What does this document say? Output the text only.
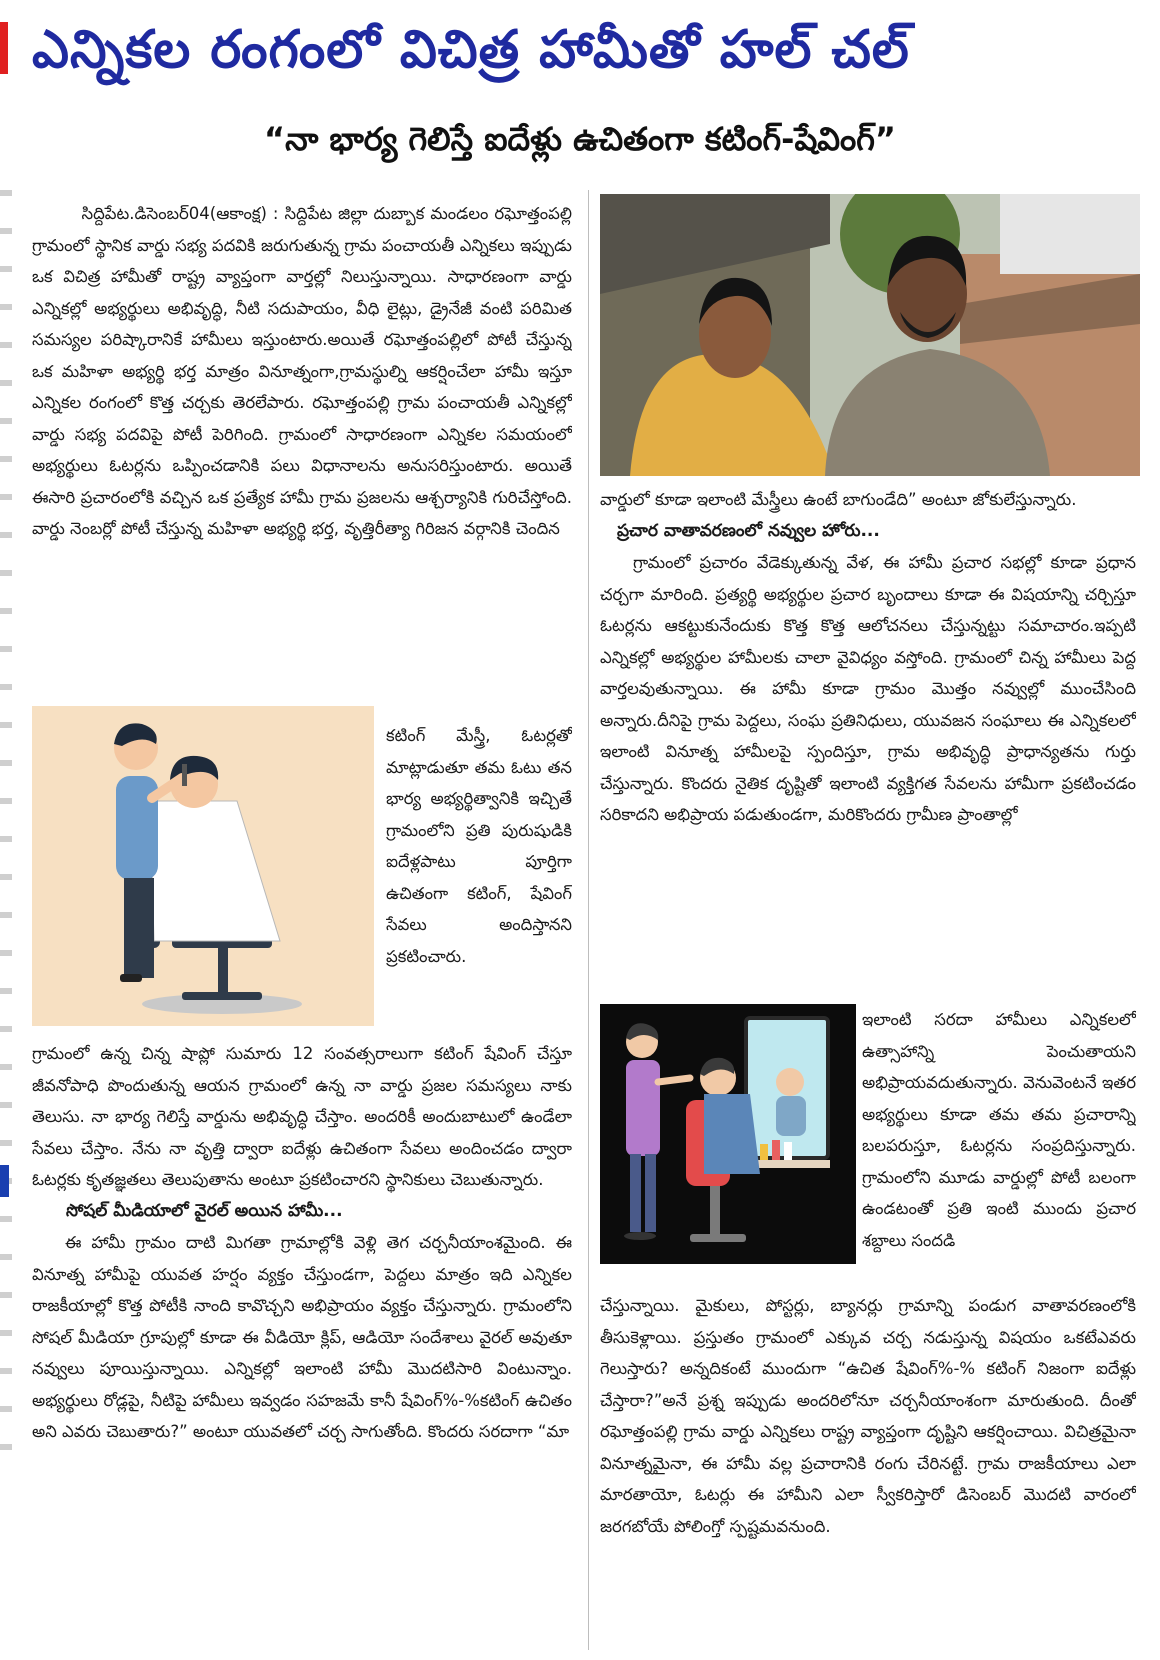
ఎన్నికల రంగంలో విచిత్ర హామీతో హల్ చల్
“నా భార్య గెలిస్తే ఐదేళ్లు ఉచితంగా కటింగ్-షేవింగ్”

సిద్దిపేట.డిసెంబర్04(ఆకాంక్ష) : సిద్దిపేట జిల్లా దుబ్బాక మండలం రఘోత్తంపల్లి గ్రామంలో స్థానిక వార్డు సభ్య పదవికి జరుగుతున్న గ్రామ పంచాయతీ ఎన్నికలు ఇప్పుడు ఒక విచిత్ర హామీతో రాష్ట్ర వ్యాప్తంగా వార్తల్లో నిలుస్తున్నాయి. సాధారణంగా వార్డు ఎన్నికల్లో అభ్యర్థులు అభివృద్ధి, నీటి సదుపాయం, వీధి లైట్లు, డ్రైనేజీ వంటి పరిమిత సమస్యల పరిష్కారానికే హామీలు ఇస్తుంటారు.అయితే రఘోత్తంపల్లిలో పోటీ చేస్తున్న ఒక మహిళా అభ్యర్థి భర్త మాత్రం వినూత్నంగా,గ్రామస్థుల్ని ఆకర్షించేలా హామీ ఇస్తూ ఎన్నికల రంగంలో కొత్త చర్చకు తెరలేపారు. రఘోత్తంపల్లి గ్రామ పంచాయతీ ఎన్నికల్లో వార్డు సభ్య పదవిపై పోటీ పెరిగింది. గ్రామంలో సాధారణంగా ఎన్నికల సమయంలో అభ్యర్థులు ఓటర్లను ఒప్పించడానికి పలు విధానాలను అనుసరిస్తుంటారు. అయితే ఈసారి ప్రచారంలోకి వచ్చిన ఒక ప్రత్యేక హామీ గ్రామ ప్రజలను ఆశ్చర్యానికి గురిచేస్తోంది. వార్డు నెంబర్లో పోటీ చేస్తున్న మహిళా అభ్యర్థి భర్త, వృత్తిరీత్యా గిరిజన వర్గానికి చెందిన

కటింగ్ మేస్త్రీ, ఓటర్లతో మాట్లాడుతూ తమ ఓటు తన భార్య అభ్యర్థిత్వానికి ఇచ్చితే గ్రామంలోని ప్రతి పురుషుడికి ఐదేళ్లపాటు పూర్తిగా ఉచితంగా కటింగ్, షేవింగ్ సేవలు అందిస్తానని ప్రకటించారు.

గ్రామంలో ఉన్న చిన్న షాప్లో సుమారు 12 సంవత్సరాలుగా కటింగ్ షేవింగ్ చేస్తూ జీవనోపాధి పొందుతున్న ఆయన గ్రామంలో ఉన్న నా వార్డు ప్రజల సమస్యలు నాకు తెలుసు. నా భార్య గెలిస్తే వార్డును అభివృద్ధి చేస్తాం. అందరికీ అందుబాటులో ఉండేలా సేవలు చేస్తాం. నేను నా వృత్తి ద్వారా ఐదేళ్లు ఉచితంగా సేవలు అందించడం ద్వారా ఓటర్లకు కృతజ్ఞతలు తెలుపుతాను అంటూ ప్రకటించారని స్థానికులు చెబుతున్నారు.

సోషల్ మీడియాలో వైరల్ అయిన హామీ...

ఈ హామీ గ్రామం దాటి మిగతా గ్రామాల్లోకి వెళ్లి తెగ చర్చనీయాంశమైంది. ఈ వినూత్న హామీపై యువత హర్షం వ్యక్తం చేస్తుండగా, పెద్దలు మాత్రం ఇది ఎన్నికల రాజకీయాల్లో కొత్త పోటీకి నాంది కావొచ్చని అభిప్రాయం వ్యక్తం చేస్తున్నారు. గ్రామంలోని సోషల్ మీడియా గ్రూపుల్లో కూడా ఈ వీడియో క్లిప్, ఆడియో సందేశాలు వైరల్ అవుతూ నవ్వులు పూయిస్తున్నాయి. ఎన్నికల్లో ఇలాంటి హామీ మొదటిసారి వింటున్నాం. అభ్యర్థులు రోడ్లపై, నీటిపై హామీలు ఇవ్వడం సహజమే కానీ షేవింగ్%-%కటింగ్ ఉచితం అని ఎవరు చెబుతారు?” అంటూ యువతలో చర్చ సాగుతోంది. కొందరు సరదాగా “మా

వార్డులో కూడా ఇలాంటి మేస్త్రీలు ఉంటే బాగుండేది” అంటూ జోకులేస్తున్నారు.

ప్రచార వాతావరణంలో నవ్వుల హోరు...

గ్రామంలో ప్రచారం వేడెక్కుతున్న వేళ, ఈ హామీ ప్రచార సభల్లో కూడా ప్రధాన చర్చగా మారింది. ప్రత్యర్థి అభ్యర్థుల ప్రచార బృందాలు కూడా ఈ విషయాన్ని చర్చిస్తూ ఓటర్లను ఆకట్టుకునేందుకు కొత్త కొత్త ఆలోచనలు చేస్తున్నట్టు సమాచారం.ఇప్పటి ఎన్నికల్లో అభ్యర్థుల హామీలకు చాలా వైవిధ్యం వస్తోంది. గ్రామంలో చిన్న హామీలు పెద్ద వార్తలవుతున్నాయి. ఈ హామీ కూడా గ్రామం మొత్తం నవ్వుల్లో ముంచేసింది అన్నారు.దీనిపై గ్రామ పెద్దలు, సంఘ ప్రతినిధులు, యువజన సంఘాలు ఈ ఎన్నికలలో ఇలాంటి వినూత్న హామీలపై స్పందిస్తూ, గ్రామ అభివృద్ధి ప్రాధాన్యతను గుర్తు చేస్తున్నారు. కొందరు నైతిక దృష్టితో ఇలాంటి వ్యక్తిగత సేవలను హామీగా ప్రకటించడం సరికాదని అభిప్రాయ పడుతుండగా, మరికొందరు గ్రామీణ ప్రాంతాల్లో

ఇలాంటి సరదా హామీలు ఎన్నికలలో ఉత్సాహాన్ని పెంచుతాయని అభిప్రాయవదుతున్నారు. వెనువెంటనే ఇతర అభ్యర్థులు కూడా తమ తమ ప్రచారాన్ని బలపరుస్తూ, ఓటర్లను సంప్రదిస్తున్నారు. గ్రామంలోని మూడు వార్డుల్లో పోటీ బలంగా ఉండటంతో ప్రతి ఇంటి ముందు ప్రచార శబ్దాలు సందడి

చేస్తున్నాయి. మైకులు, పోస్టర్లు, బ్యానర్లు గ్రామాన్ని పండుగ వాతావరణంలోకి తీసుకెళ్లాయి. ప్రస్తుతం గ్రామంలో ఎక్కువ చర్చ నడుస్తున్న విషయం ఒకటేఎవరు గెలుస్తారు? అన్నదికంటే ముందుగా “ఉచిత షేవింగ్%-% కటింగ్ నిజంగా ఐదేళ్లు చేస్తారా?”అనే ప్రశ్న ఇప్పుడు అందరిలోనూ చర్చనీయాంశంగా మారుతుంది. దీంతో రఘోత్తంపల్లి గ్రామ వార్డు ఎన్నికలు రాష్ట్ర వ్యాప్తంగా దృష్టిని ఆకర్షించాయి. విచిత్రమైనా వినూత్నమైనా, ఈ హామీ వల్ల ప్రచారానికి రంగు చేరినట్టే. గ్రామ రాజకీయాలు ఎలా మారతాయో, ఓటర్లు ఈ హామీని ఎలా స్వీకరిస్తారో డిసెంబర్ మొదటి వారంలో జరగబోయే పోలింగ్తో స్పష్టమవనుంది.
